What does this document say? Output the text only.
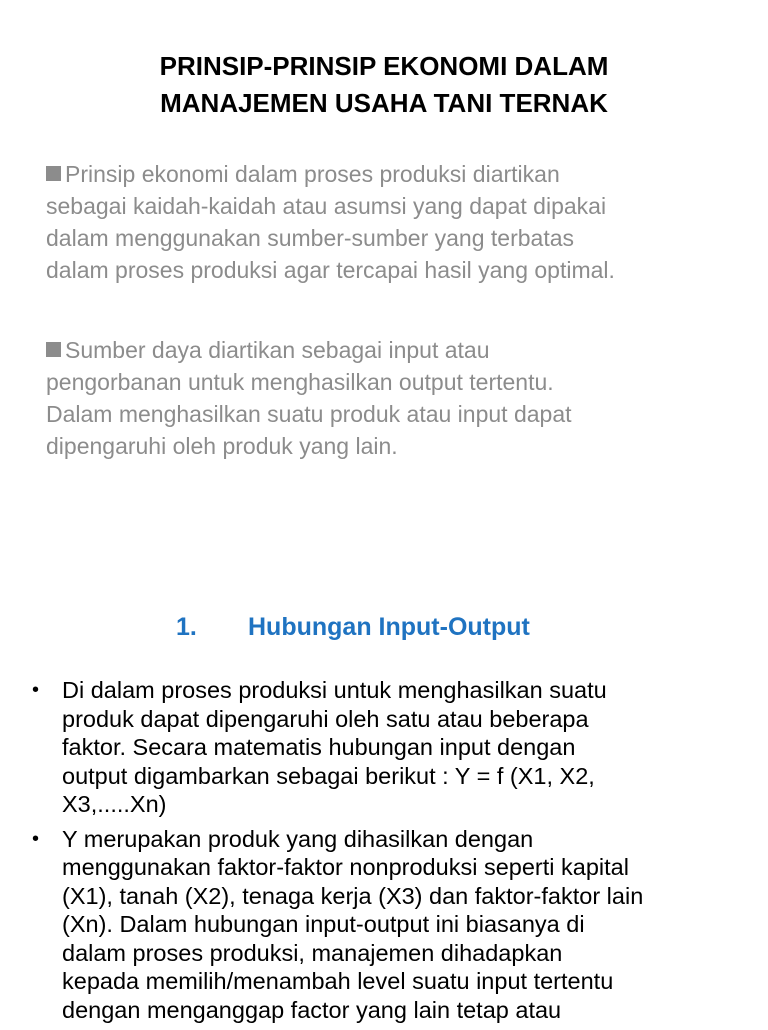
PRINSIP-PRINSIP EKONOMI DALAM
MANAJEMEN USAHA TANI TERNAK
Prinsip ekonomi dalam proses produksi diartikan
sebagai kaidah-kaidah atau asumsi yang dapat dipakai
dalam menggunakan sumber-sumber yang terbatas
dalam proses produksi agar tercapai hasil yang optimal.
Sumber daya diartikan sebagai input atau
pengorbanan untuk menghasilkan output tertentu.
Dalam menghasilkan suatu produk atau input dapat
dipengaruhi oleh produk yang lain.
1. Hubungan Input-Output
• Di dalam proses produksi untuk menghasilkan suatu
produk dapat dipengaruhi oleh satu atau beberapa
faktor. Secara matematis hubungan input dengan
output digambarkan sebagai berikut : Y = f (X1, X2,
X3,.....Xn)
• Y merupakan produk yang dihasilkan dengan
menggunakan faktor-faktor nonproduksi seperti kapital
(X1), tanah (X2), tenaga kerja (X3) dan faktor-faktor lain
(Xn). Dalam hubungan input-output ini biasanya di
dalam proses produksi, manajemen dihadapkan
kepada memilih/menambah level suatu input tertentu
dengan menganggap factor yang lain tetap atau
